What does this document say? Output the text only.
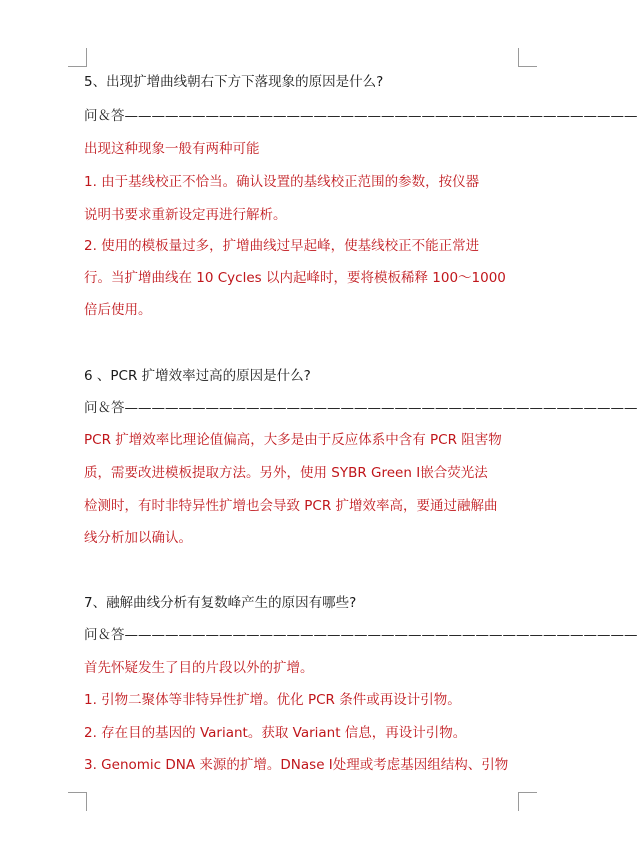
5、出现扩增曲线朝右下方下落现象的原因是什么?
问＆答——————————————————————————————————————
出现这种现象一般有两种可能
1. 由于基线校正不恰当。确认设置的基线校正范围的参数，按仪器
说明书要求重新设定再进行解析。
2. 使用的模板量过多，扩增曲线过早起峰，使基线校正不能正常进
行。当扩增曲线在 10 Cycles 以内起峰时，要将模板稀释 100～1000
倍后使用。
6 、PCR 扩增效率过高的原因是什么?
问＆答——————————————————————————————————————
PCR 扩增效率比理论值偏高，大多是由于反应体系中含有 PCR 阻害物
质，需要改进模板提取方法。另外，使用 SYBR Green Ⅰ嵌合荧光法
检测时，有时非特异性扩增也会导致 PCR 扩增效率高，要通过融解曲
线分析加以确认。
7、融解曲线分析有复数峰产生的原因有哪些?
问＆答——————————————————————————————————————
首先怀疑发生了目的片段以外的扩增。
1. 引物二聚体等非特异性扩增。优化 PCR 条件或再设计引物。
2. 存在目的基因的 Variant。获取 Variant 信息，再设计引物。
3. Genomic DNA 来源的扩增。DNase Ⅰ处理或考虑基因组结构、引物
